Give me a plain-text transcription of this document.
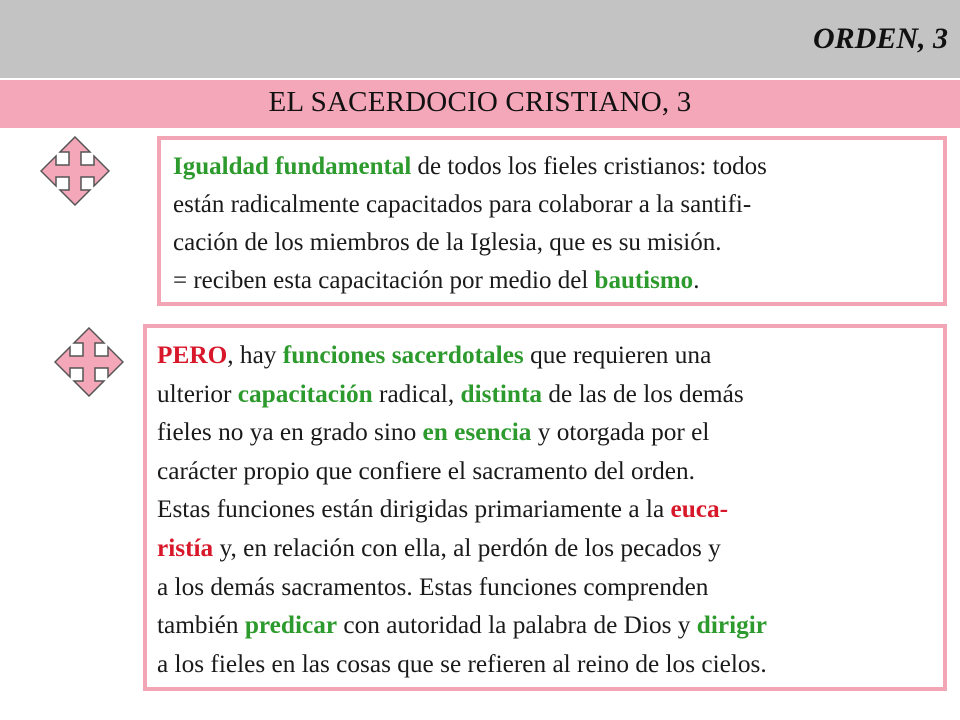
ORDEN, 3
EL SACERDOCIO CRISTIANO, 3
Igualdad fundamental de todos los fieles cristianos: todos
están radicalmente capacitados para colaborar a la santifi-
cación de los miembros de la Iglesia, que es su misión.
= reciben esta capacitación por medio del bautismo.
PERO, hay funciones sacerdotales que requieren una
ulterior capacitación radical, distinta de las de los demás
fieles no ya en grado sino en esencia y otorgada por el
carácter propio que confiere el sacramento del orden.
Estas funciones están dirigidas primariamente a la euca-
ristía y, en relación con ella, al perdón de los pecados y
a los demás sacramentos. Estas funciones comprenden
también predicar con autoridad la palabra de Dios y dirigir
a los fieles en las cosas que se refieren al reino de los cielos.
